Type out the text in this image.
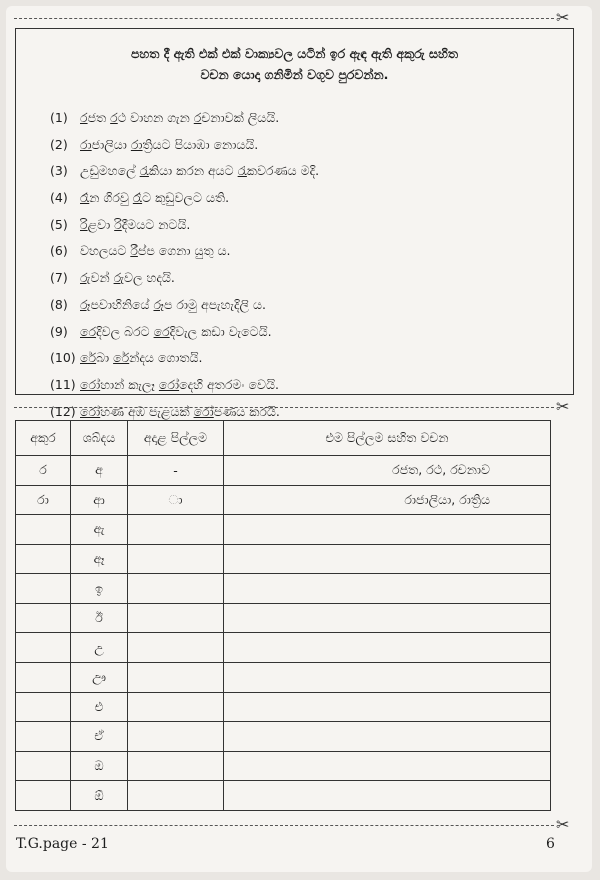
✂
✂
✂
පහත දී ඇති එක් එක් වාක්‍යවල යටින් ඉර ඇඳ ඇති අකුරු සහිත
වචන යොදා ගනිමින් වගුව පුරවන්න.
(1) රජත රථ වාහන ගැන රචනාවක් ලියයි.
(2) රාජාලියා රාත්‍රියට පියාඹා නොයයි.
(3) උඩුමහලේ රැකියා කරන අයට රැකවරණය මදි.
(4) රෑන ගිරවු රෑට කුඩුවලට යති.
(5) රිළවා රිදීමයට නටයි.
(6) වහලයට රීප්ප ගෙනා යුතු ය.
(7) රුවන් රුවල හදයි.
(8) රූපවාහිනියේ රූප රාමු අපැහැදිලි ය.
(9) රෙදිවල බරට රෙදිවැල කඩා වැටෙයි.
(10) රේබා රේන්දය ගොතයි.
(11) රෝහාන් කැලෑ රෝදෙහි අතරමං වෙයි.
(12) රෝහණ අඹ පැළයක් රෝපණය කරයි.
අකුර	ශබ්දය	අදාළ පිල්ලම	එම පිල්ලම සහිත වචන
ර	අ	-	රජත, රථ, රචනාව
රා	ආ	ා	රාජාලියා, රාත්‍රිය
	ඇ		
	ඈ		
	ඉ		
	ඊ		
	උ		
	ඌ		
	එ		
	ඒ		
	ඔ		
	ඕ		
T.G.page - 21	6
